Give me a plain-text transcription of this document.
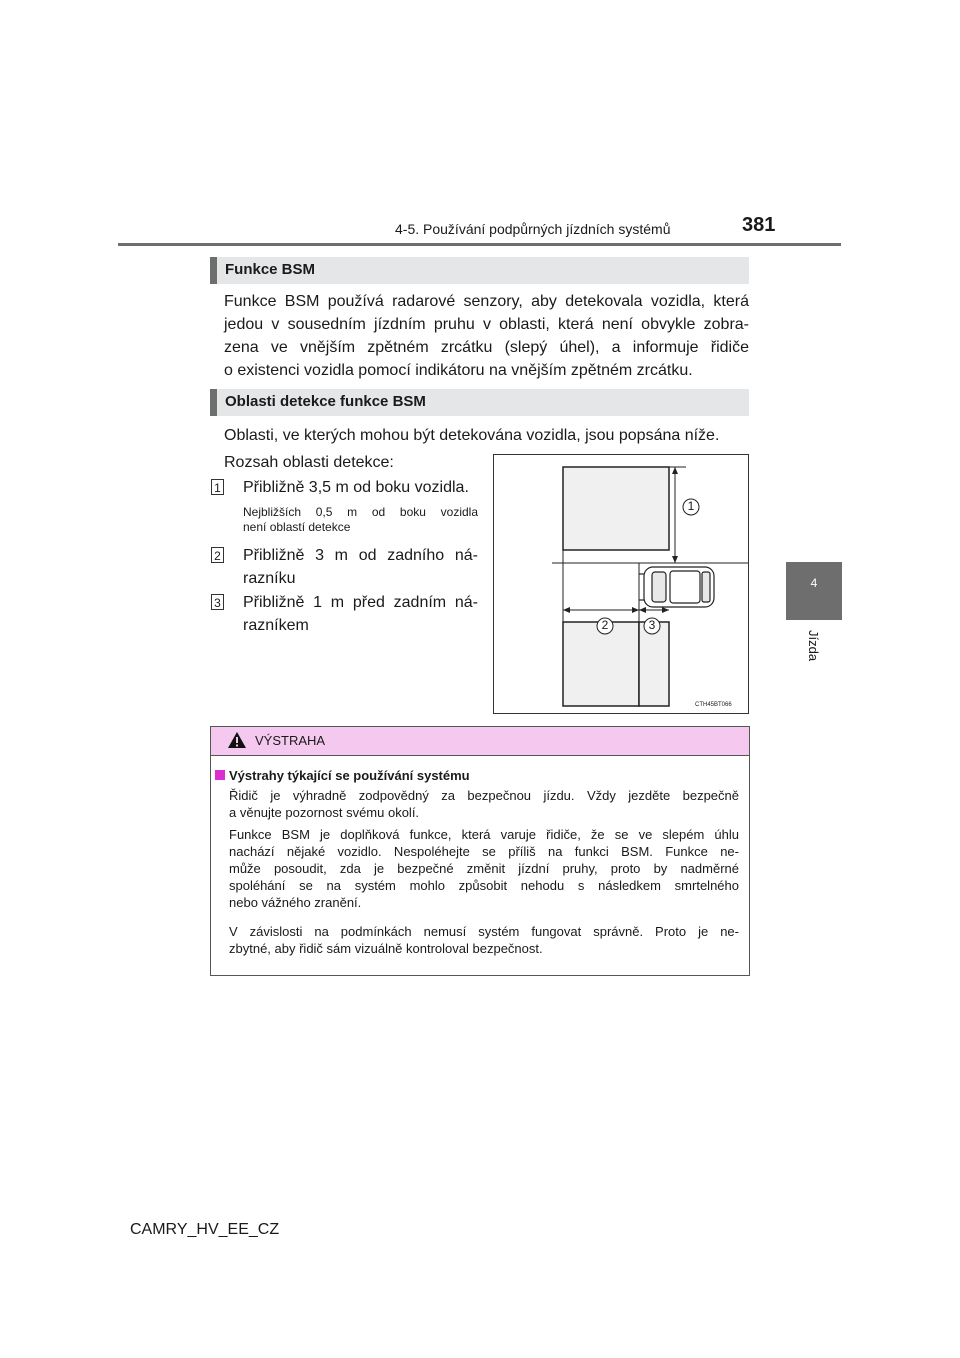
4-5. Používání podpůrných jízdních systémů	381
4
Jízda
Funkce BSM
Funkce BSM používá radarové senzory, aby detekovala vozidla, která
jedou v sousedním jízdním pruhu v oblasti, která není obvykle zobra-
zena ve vnějším zpětném zrcátku (slepý úhel), a informuje řidiče
o existenci vozidla pomocí indikátoru na vnějším zpětném zrcátku.
Oblasti detekce funkce BSM
Oblasti, ve kterých mohou být detekována vozidla, jsou popsána níže.
Rozsah oblasti detekce:
1 Přibližně 3,5 m od boku vozidla.
Nejbližších 0,5 m od boku vozidla
není oblastí detekce
2 Přibližně 3 m od zadního ná-
razníku
3 Přibližně 1 m před zadním ná-
razníkem
1
2	3
CTH45BT066
VÝSTRAHA
Výstrahy týkající se používání systému
Řidič je výhradně zodpovědný za bezpečnou jízdu. Vždy jezděte bezpečně
a věnujte pozornost svému okolí.
Funkce BSM je doplňková funkce, která varuje řidiče, že se ve slepém úhlu
nachází nějaké vozidlo. Nespoléhejte se příliš na funkci BSM. Funkce ne-
může posoudit, zda je bezpečné změnit jízdní pruhy, proto by nadměrné
spoléhání se na systém mohlo způsobit nehodu s následkem smrtelného
nebo vážného zranění.
V závislosti na podmínkách nemusí systém fungovat správně. Proto je ne-
zbytné, aby řidič sám vizuálně kontroloval bezpečnost.
CAMRY_HV_EE_CZ
